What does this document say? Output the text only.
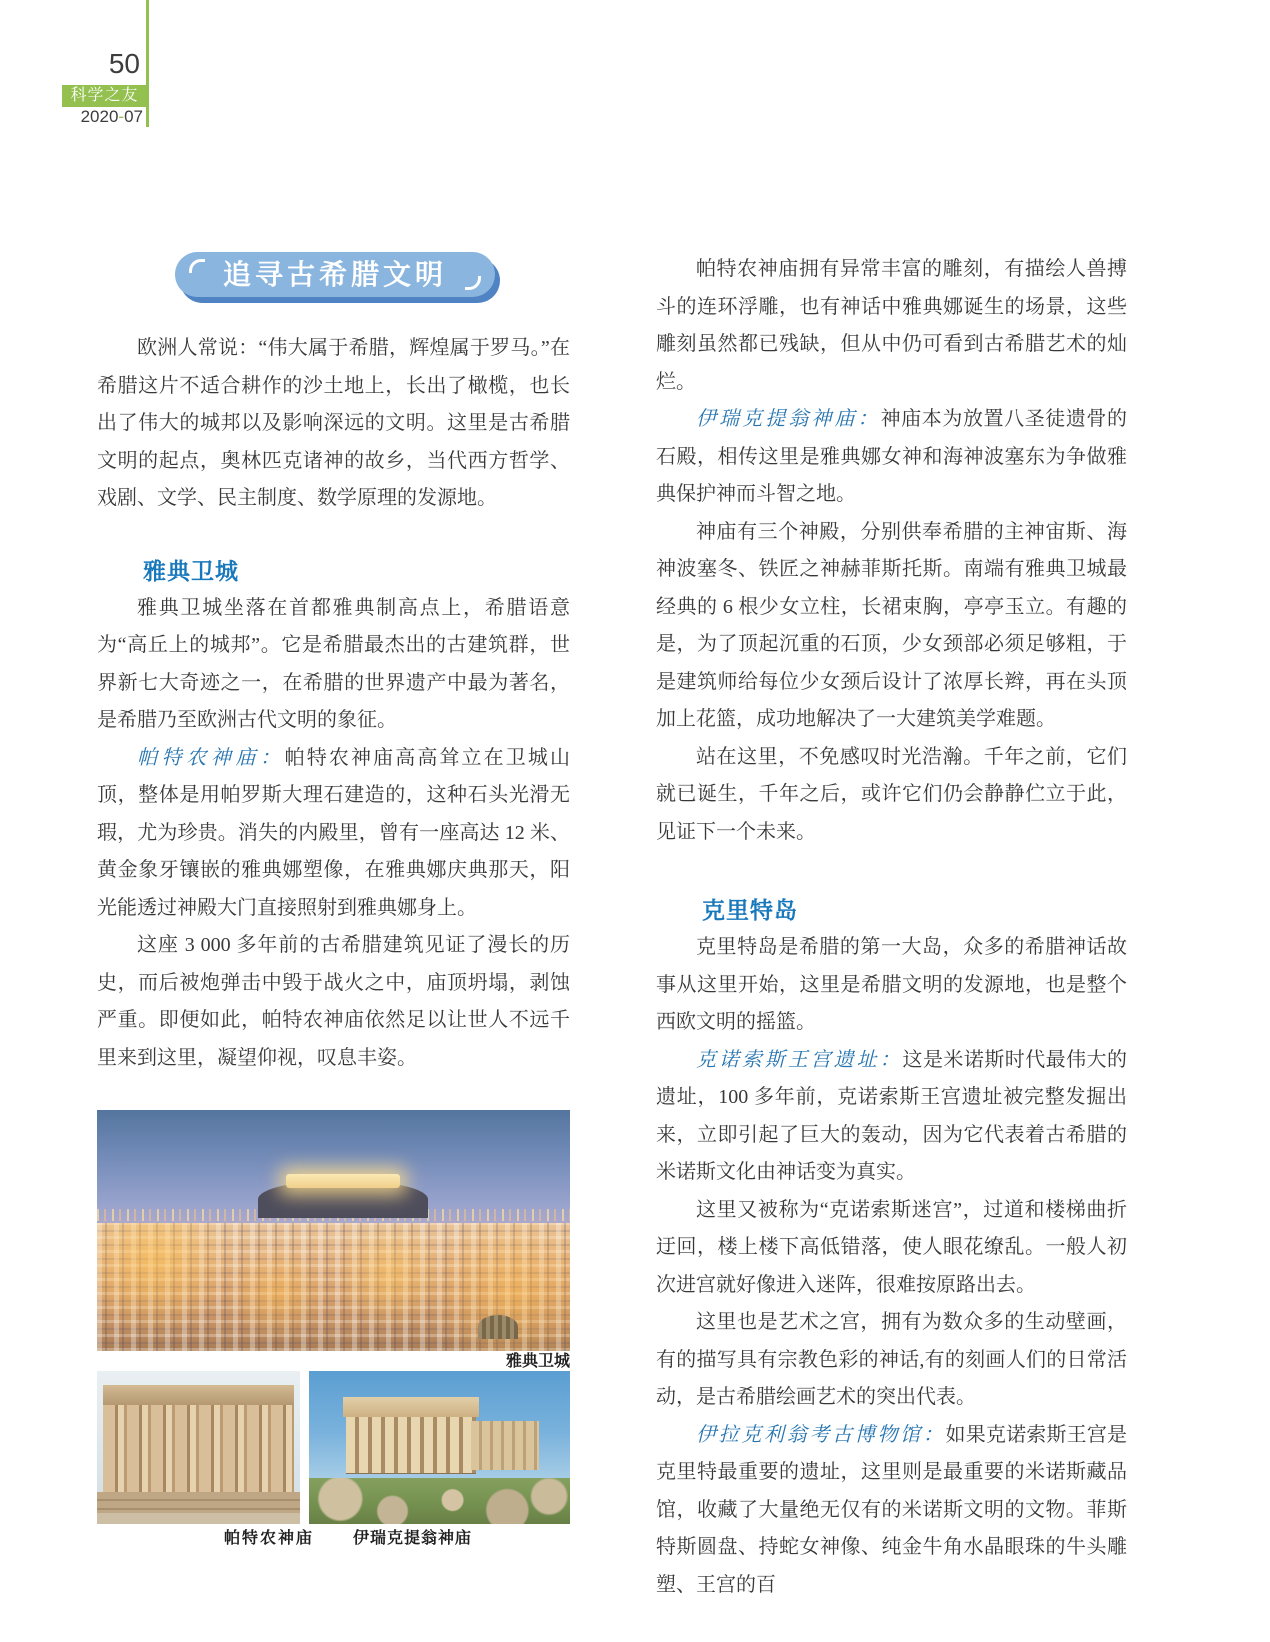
50
科学之友
2020-07
追寻古希腊文明

欧洲人常说：“伟大属于希腊，辉煌属于罗马。”在希腊这片不适合耕作的沙土地上，长出了橄榄，也长出了伟大的城邦以及影响深远的文明。这里是古希腊文明的起点，奥林匹克诸神的故乡，当代西方哲学、戏剧、文学、民主制度、数学原理的发源地。

雅典卫城

雅典卫城坐落在首都雅典制高点上，希腊语意为“高丘上的城邦”。它是希腊最杰出的古建筑群，世界新七大奇迹之一，在希腊的世界遗产中最为著名，是希腊乃至欧洲古代文明的象征。

帕特农神庙：帕特农神庙高高耸立在卫城山顶，整体是用帕罗斯大理石建造的，这种石头光滑无瑕，尤为珍贵。消失的内殿里，曾有一座高达 12 米、黄金象牙镶嵌的雅典娜塑像，在雅典娜庆典那天，阳光能透过神殿大门直接照射到雅典娜身上。

这座 3 000 多年前的古希腊建筑见证了漫长的历史，而后被炮弹击中毁于战火之中，庙顶坍塌，剥蚀严重。即便如此，帕特农神庙依然足以让世人不远千里来到这里，凝望仰视，叹息丰姿。

雅典卫城
帕特农神庙 伊瑞克提翁神庙

帕特农神庙拥有异常丰富的雕刻，有描绘人兽搏斗的连环浮雕，也有神话中雅典娜诞生的场景，这些雕刻虽然都已残缺，但从中仍可看到古希腊艺术的灿烂。

伊瑞克提翁神庙：神庙本为放置八圣徒遗骨的石殿，相传这里是雅典娜女神和海神波塞东为争做雅典保护神而斗智之地。

神庙有三个神殿，分别供奉希腊的主神宙斯、海神波塞冬、铁匠之神赫菲斯托斯。南端有雅典卫城最经典的 6 根少女立柱，长裙束胸，亭亭玉立。有趣的是，为了顶起沉重的石顶，少女颈部必须足够粗，于是建筑师给每位少女颈后设计了浓厚长辫，再在头顶加上花篮，成功地解决了一大建筑美学难题。

站在这里，不免感叹时光浩瀚。千年之前，它们就已诞生，千年之后，或许它们仍会静静伫立于此，见证下一个未来。

克里特岛

克里特岛是希腊的第一大岛，众多的希腊神话故事从这里开始，这里是希腊文明的发源地，也是整个西欧文明的摇篮。

克诺索斯王宫遗址：这是米诺斯时代最伟大的遗址，100 多年前，克诺索斯王宫遗址被完整发掘出来，立即引起了巨大的轰动，因为它代表着古希腊的米诺斯文化由神话变为真实。

这里又被称为“克诺索斯迷宫”，过道和楼梯曲折迂回，楼上楼下高低错落，使人眼花缭乱。一般人初次进宫就好像进入迷阵，很难按原路出去。

这里也是艺术之宫，拥有为数众多的生动壁画，有的描写具有宗教色彩的神话,有的刻画人们的日常活动，是古希腊绘画艺术的突出代表。

伊拉克利翁考古博物馆：如果克诺索斯王宫是克里特最重要的遗址，这里则是最重要的米诺斯藏品馆，收藏了大量绝无仅有的米诺斯文明的文物。菲斯特斯圆盘、持蛇女神像、纯金牛角水晶眼珠的牛头雕塑、王宫的百
